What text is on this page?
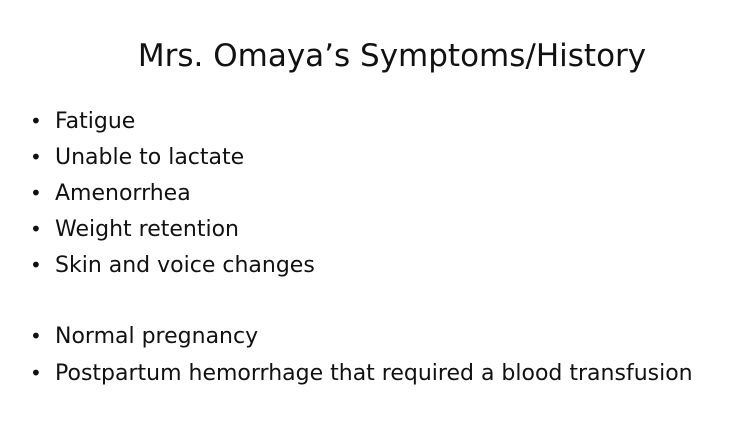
Mrs. Omaya’s Symptoms/History
• Fatigue
• Unable to lactate
• Amenorrhea
• Weight retention
• Skin and voice changes
• Normal pregnancy
• Postpartum hemorrhage that required a blood transfusion
